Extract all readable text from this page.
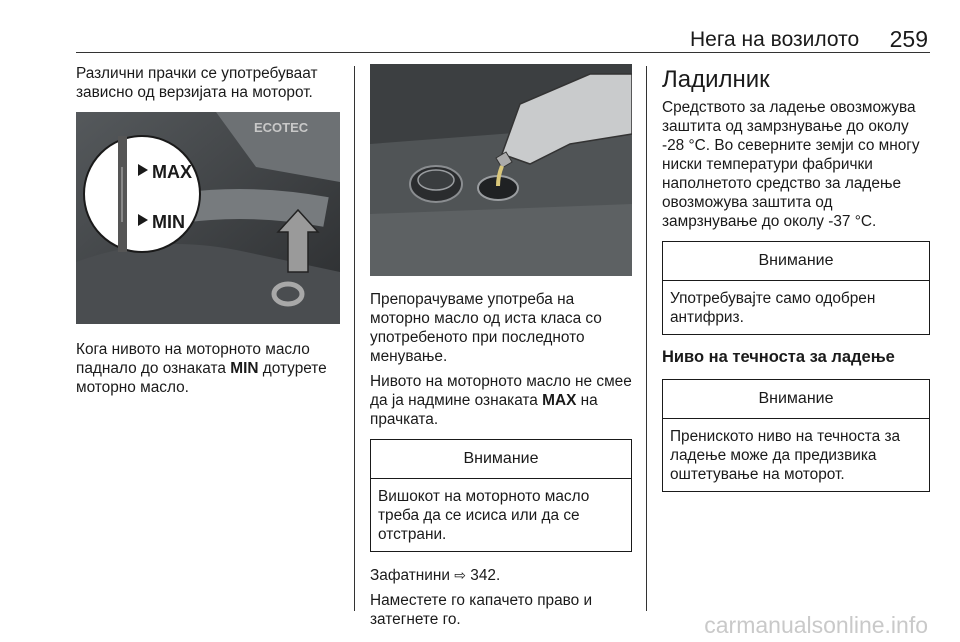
Нега на возилото	259

Различни прачки се употребуваат зависно од верзијата на моторот.

ECOTEC
MAX
MIN

Кога нивото на моторното масло паднало до ознаката MIN дотурете моторно масло.

Препорачуваме употреба на моторно масло од иста класа со употребеното при последното менување.

Нивото на моторното масло не смее да ја надмине ознаката MAX на прачката.

Внимание
Вишокот на моторното масло треба да се исиса или да се отстрани.

Зафатнини ⇨ 342.

Наместете го капачето право и затегнете го.

Ладилник

Средството за ладење овозможува заштита од замрзнување до околу -28 °C. Во северните земји со многу ниски температури фабрички наполнетото средство за ладење овозможува заштита од замрзнување до околу -37 °C.

Внимание
Употребувајте само одобрен антифриз.
Ниво на течноста за ладење
Внимание
Прениското ниво на течноста за ладење може да предизвика оштетување на моторот.
carmanualsonline.info
